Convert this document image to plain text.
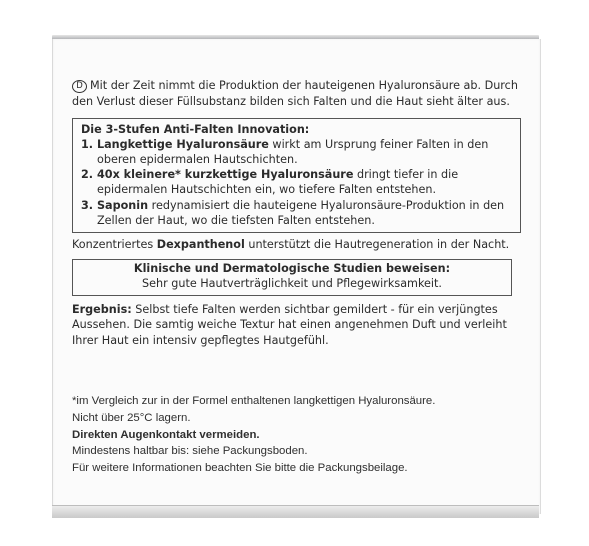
D Mit der Zeit nimmt die Produktion der hauteigenen Hyaluronsäure ab. Durch den Verlust dieser Füllsubstanz bilden sich Falten und die Haut sieht älter aus.

Die 3-Stufen Anti-Falten Innovation:
1. Langkettige Hyaluronsäure wirkt am Ursprung feiner Falten in den oberen epidermalen Hautschichten.
2. 40x kleinere* kurzkettige Hyaluronsäure dringt tiefer in die epidermalen Hautschichten ein, wo tiefere Falten entstehen.
3. Saponin redynamisiert die hauteigene Hyaluronsäure-Produktion in den Zellen der Haut, wo die tiefsten Falten entstehen.

Konzentriertes Dexpanthenol unterstützt die Hautregeneration in der Nacht.

Klinische und Dermatologische Studien beweisen:
Sehr gute Hautverträglichkeit und Pflegewirksamkeit.

Ergebnis: Selbst tiefe Falten werden sichtbar gemildert - für ein verjüngtes Aussehen. Die samtig weiche Textur hat einen angenehmen Duft und verleiht Ihrer Haut ein intensiv gepflegtes Hautgefühl.

*im Vergleich zur in der Formel enthaltenen langkettigen Hyaluronsäure.
Nicht über 25°C lagern.
Direkten Augenkontakt vermeiden.
Mindestens haltbar bis: siehe Packungsboden.
Für weitere Informationen beachten Sie bitte die Packungsbeilage.
